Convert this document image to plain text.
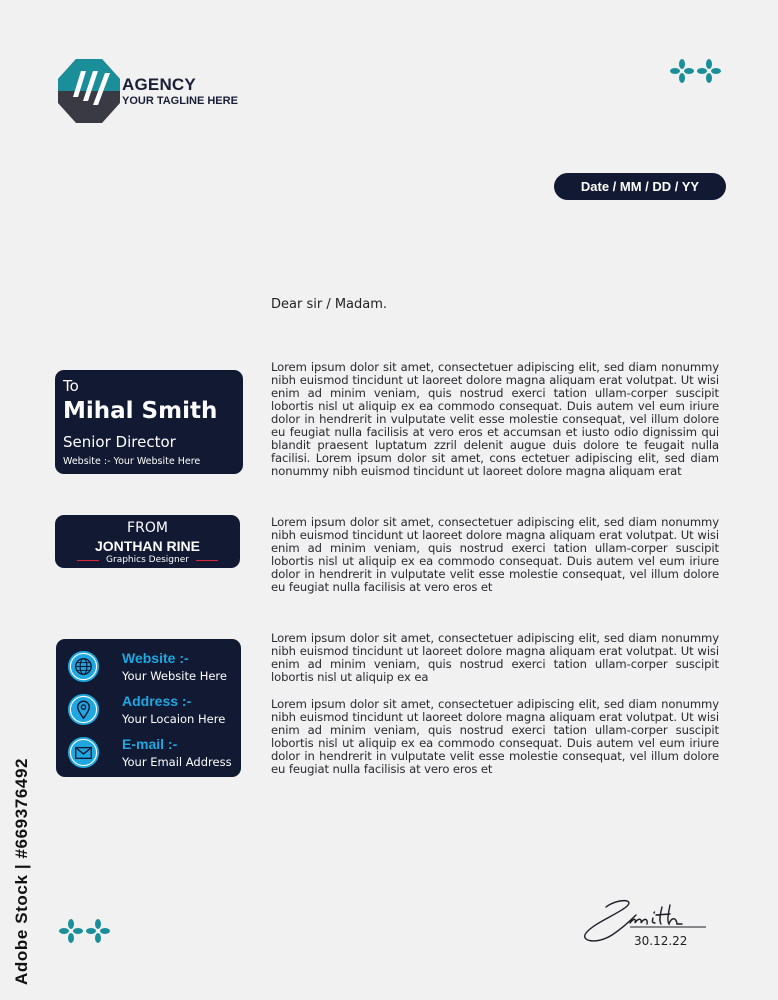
AGENCY
YOUR TAGLINE HERE
Date / MM / DD / YY
Dear sir / Madam.

Lorem ipsum dolor sit amet, consectetuer adipiscing elit, sed diam nonummy nibh euismod tincidunt ut laoreet dolore magna aliquam erat volutpat. Ut wisi enim ad minim veniam, quis nostrud exerci tation ullam-corper suscipit lobortis nisl ut aliquip ex ea commodo consequat. Duis autem vel eum iriure dolor in hendrerit in vulputate velit esse molestie consequat, vel illum dolore eu feugiat nulla facilisis at vero eros et accumsan et iusto odio dignissim qui blandit praesent luptatum zzril delenit augue duis dolore te feugait nulla facilisi. Lorem ipsum dolor sit amet, cons ectetuer adipiscing elit, sed diam nonummy nibh euismod tincidunt ut laoreet dolore magna aliquam erat

Lorem ipsum dolor sit amet, consectetuer adipiscing elit, sed diam nonummy nibh euismod tincidunt ut laoreet dolore magna aliquam erat volutpat. Ut wisi enim ad minim veniam, quis nostrud exerci tation ullam-corper suscipit lobortis nisl ut aliquip ex ea commodo consequat. Duis autem vel eum iriure dolor in hendrerit in vulputate velit esse molestie consequat, vel illum dolore eu feugiat nulla facilisis at vero eros et

Lorem ipsum dolor sit amet, consectetuer adipiscing elit, sed diam nonummy nibh euismod tincidunt ut laoreet dolore magna aliquam erat volutpat. Ut wisi enim ad minim veniam, quis nostrud exerci tation ullam-corper suscipit lobortis nisl ut aliquip ex ea

Lorem ipsum dolor sit amet, consectetuer adipiscing elit, sed diam nonummy nibh euismod tincidunt ut laoreet dolore magna aliquam erat volutpat. Ut wisi enim ad minim veniam, quis nostrud exerci tation ullam-corper suscipit lobortis nisl ut aliquip ex ea commodo consequat. Duis autem vel eum iriure dolor in hendrerit in vulputate velit esse molestie consequat, vel illum dolore eu feugiat nulla facilisis at vero eros et

To
Mihal Smith
Senior Director
Website :- Your Website Here
FROM
JONTHAN RINE
Graphics Designer
Website :-
Your Website Here
Address :-
Your Locaion Here
E-mail :-
Your Email Address
30.12.22
Adobe Stock | #669376492
